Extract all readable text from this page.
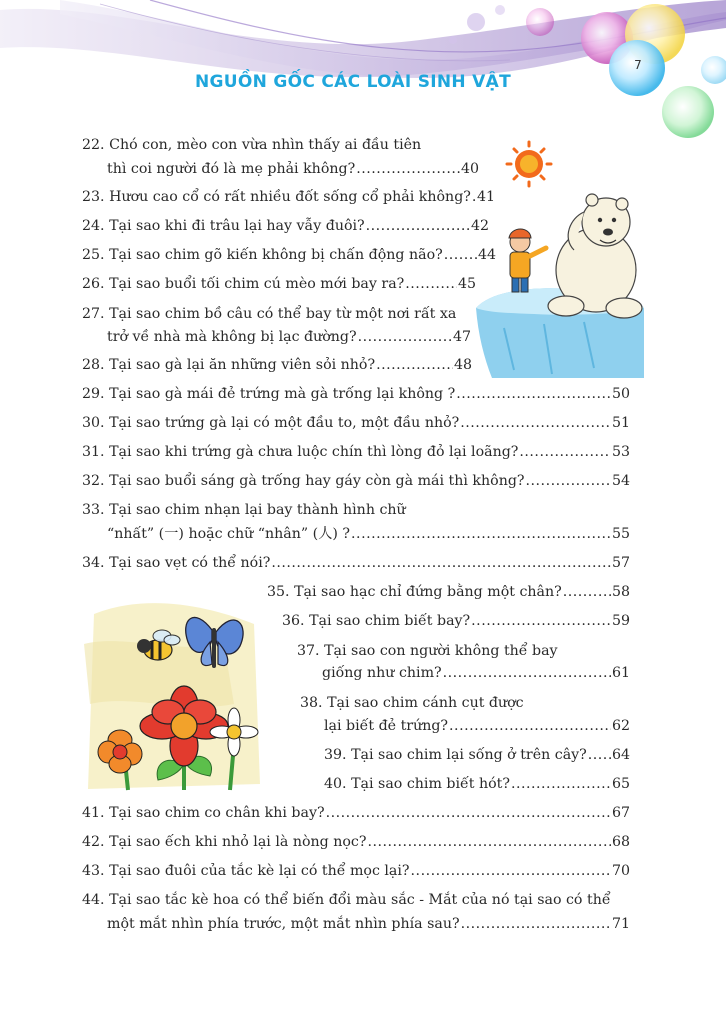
NGUỒN GỐC CÁC LOÀI SINH VẬT
7
22. Chó con, mèo con vừa nhìn thấy ai đầu tiên
thì coi người đó là mẹ phải không? .....	40
23.
Hươu cao cổ có rất nhiều đốt sống cổ phải không? ..... 41
24.
Tại sao khi đi trâu lại hay vẫy đuôi? .....	42
25.
Tại sao chim gõ kiến không bị chấn động não? ..... 44
26.
Tại sao buổi tối chim cú mèo mới bay ra? .....	45
27. Tại sao chim bồ câu có thể bay từ một nơi rất xa
trở về nhà mà không bị lạc đường? .....	47
28.
Tại sao gà lại ăn những viên sỏi nhỏ? .....	48
29.
Tại sao gà mái đẻ trứng mà gà trống lại không ? .....	50
30.
Tại sao trứng gà lại có một đầu to, một đầu nhỏ? .....	51
31.
Tại sao khi trứng gà chưa luộc chín thì lòng đỏ lại loãng? .....	53
32.
Tại sao buổi sáng gà trống hay gáy còn gà mái thì không? .....	54
33. Tại sao chim nhạn lại bay thành hình chữ
“nhất” (一) hoặc chữ “nhân” (人) ? .....	55
34.
Tại sao vẹt có thể nói? .....	57
35.
Tại sao hạc chỉ đứng bằng một chân? .....	58
36.
Tại sao chim biết bay? .....	59
37. Tại sao con người không thể bay
giống như chim? .....	61
38. Tại sao chim cánh cụt được
lại biết đẻ trứng? .....	62
39.
Tại sao chim lại sống ở trên cây? ..... 64
40.
Tại sao chim biết hót? .....	65
41.
Tại sao chim co chân khi bay? .....	67
42.
Tại sao ếch khi nhỏ lại là nòng nọc? .....	68
43.
Tại sao đuôi của tắc kè lại có thể mọc lại? .....	70
44. Tại sao tắc kè hoa có thể biến đổi màu sắc - Mắt của nó tại sao có thể
một mắt nhìn phía trước, một mắt nhìn phía sau? .....	71
